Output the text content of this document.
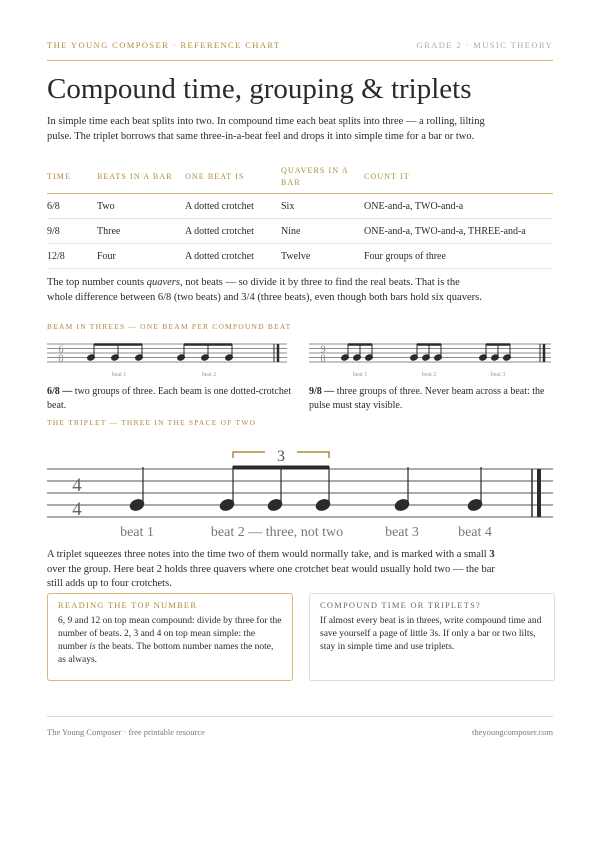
THE YOUNG COMPOSER · REFERENCE CHART	GRADE 2 · MUSIC THEORY
Compound time, grouping & triplets

In simple time each beat splits into two. In compound time each beat splits into three — a rolling, lilting pulse. The triplet borrows that same three-in-a-beat feel and drops it into simple time for a bar or two.

TIME	BEATS IN A BAR	ONE BEAT IS	QUAVERS IN A BAR	COUNT IT
6/8	Two	A dotted crotchet	Six	ONE-and-a, TWO-and-a
9/8	Three	A dotted crotchet	Nine	ONE-and-a, TWO-and-a, THREE-and-a
12/8	Four	A dotted crotchet	Twelve	Four groups of three

The top number counts quavers, not beats — so divide it by three to find the real beats. That is the whole difference between 6/8 (two beats) and 3/4 (three beats), even though both bars hold six quavers.

BEAM IN THREES — ONE BEAM PER COMPOUND BEAT
6
8
beat 1	beat 2
9
8
beat 1	beat 2	beat 3

6/8 — two groups of three. Each beam is one dotted-crotchet beat.

9/8 — three groups of three. Never beam across a beat: the pulse must stay visible.

THE TRIPLET — THREE IN THE SPACE OF TWO
4
4
3
beat 1	beat 2 — three, not two	beat 3	beat 4

A triplet squeezes three notes into the time two of them would normally take, and is marked with a small 3 over the group. Here beat 2 holds three quavers where one crotchet beat would usually hold two — the bar still adds up to four crotchets.

READING THE TOP NUMBER

6, 9 and 12 on top mean compound: divide by three for the number of beats. 2, 3 and 4 on top mean simple: the number is the beats. The bottom number names the note, as always.

COMPOUND TIME OR TRIPLETS?

If almost every beat is in threes, write compound time and save yourself a page of little 3s. If only a bar or two lilts, stay in simple time and use triplets.

The Young Composer · free printable resource	theyoungcomposer.com
